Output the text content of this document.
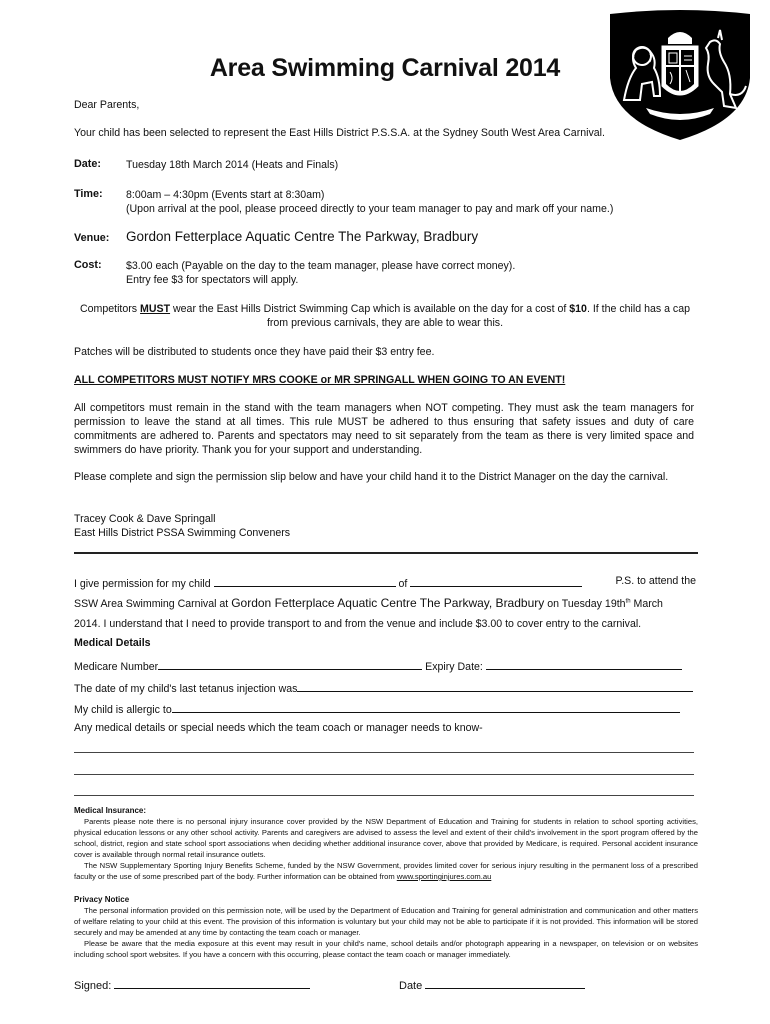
Area Swimming Carnival 2014
Dear Parents,
Your child has been selected to represent the East Hills District P.S.S.A. at the Sydney South West Area Carnival.
Date: Tuesday 18th March 2014 (Heats and Finals)
Time: 8:00am – 4:30pm (Events start at 8:30am)
(Upon arrival at the pool, please proceed directly to your team manager to pay and mark off your name.)
Venue: Gordon Fetterplace Aquatic Centre The Parkway, Bradbury
Cost: $3.00 each (Payable on the day to the team manager, please have correct money).
Entry fee $3 for spectators will apply.
Competitors MUST wear the East Hills District Swimming Cap which is available on the day for a cost of $10. If the child has a cap
from previous carnivals, they are able to wear this.
Patches will be distributed to students once they have paid their $3 entry fee.
ALL COMPETITORS MUST NOTIFY MRS COOKE or MR SPRINGALL WHEN GOING TO AN EVENT!
All competitors must remain in the stand with the team managers when NOT competing. They must ask the team managers for permission to leave the stand at all times. This rule MUST be adhered to thus ensuring that safety issues and duty of care commitments are adhered to. Parents and spectators may need to sit separately from the team as there is very limited space and swimmers do have priority. Thank you for your support and understanding.
Please complete and sign the permission slip below and have your child hand it to the District Manager on the day the carnival.
Tracey Cook & Dave Springall
East Hills District PSSA Swimming Conveners
I give permission for my child	of	P.S. to attend the
SSW Area Swimming Carnival at Gordon Fetterplace Aquatic Centre The Parkway, Bradbury on Tuesday $19th^{th}$ March
2014. I understand that I need to provide transport to and from the venue and include $3.00 to cover entry to the carnival.
Medical Details
Medicare Number	Expiry Date:
The date of my child's last tetanus injection was
My child is allergic to
Any medical details or special needs which the team coach or manager needs to know-
Medical Insurance:
Parents please note there is no personal injury insurance cover provided by the NSW Department of Education and Training for students in relation to school sporting activities, physical education lessons or any other school activity. Parents and caregivers are advised to assess the level and extent of their child's involvement in the sport program offered by the school, district, region and state school sport associations when deciding whether additional insurance cover, above that provided by Medicare, is required. Personal accident insurance cover is available through normal retail insurance outlets.
The NSW Supplementary Sporting Injury Benefits Scheme, funded by the NSW Government, provides limited cover for serious injury resulting in the permanent loss of a prescribed faculty or the use of some prescribed part of the body. Further information can be obtained from www.sportinginjures.com.au
Privacy Notice
The personal information provided on this permission note, will be used by the Department of Education and Training for general administration and communication and other matters of welfare relating to your child at this event. The provision of this information is voluntary but your child may not be able to participate if it is not provided. This information will be stored securely and may be amended at any time by contacting the team coach or manager.
Please be aware that the media exposure at this event may result in your child's name, school details and/or photograph appearing in a newspaper, on television or on websites including school sport websites. If you have a concern with this occurring, please contact the team coach or manager immediately.
Signed:	Date
